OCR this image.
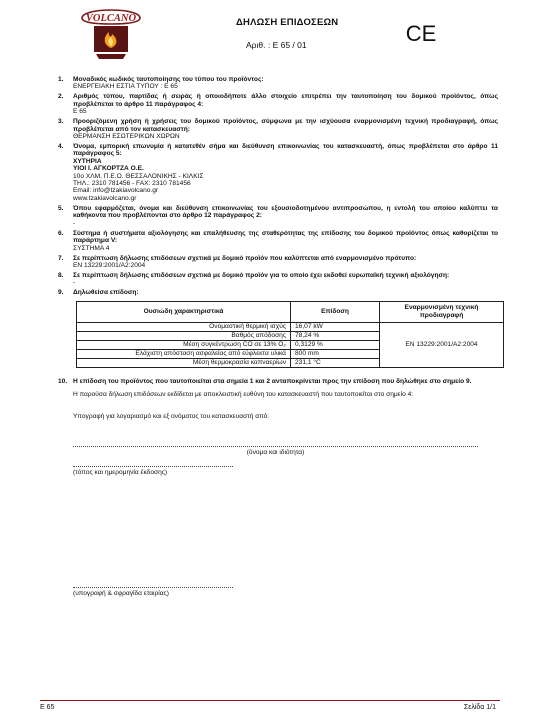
VOLCANO	ΔΗΛΩΣΗ ΕΠΙΔΟΣΕΩΝ
Αριθ. : Ε 65 / 01	CE
1. Μοναδικός κωδικός ταυτοποίησης του τύπου του προϊόντος:
ΕΝΕΡΓΕΙΑΚΗ ΕΣΤΙΑ ΤΥΠΟΥ : Ε 65
2. Αριθμός τύπου, παρτίδας ή σειράς ή οποιοδήποτε άλλο στοιχείο επιτρέπει την ταυτοποίηση του δομικού προϊόντος, όπως προβλέπεται το άρθρο 11 παράγραφος 4:
Ε 65
3. Προοριζόμενη χρήση ή χρήσεις του δομικού προϊόντος, σύμφωνα με την ισχύουσα εναρμονισμένη τεχνική προδιαγραφή, όπως προβλέπεται από τον κατασκευαστή:
ΘΕΡΜΑΝΣΗ ΕΣΩΤΕΡΙΚΩΝ ΧΩΡΩΝ
4. Όνομα, εμπορική επωνυμία ή κατατεθέν σήμα και διεύθυνση επικοινωνίας του κατασκευαστή, όπως προβλέπεται στο άρθρο 11 παράγραφος 5:
ΧΥΤΗΡΙΑ
ΥΙΟΙ Ι. ΑΓΚΟΡΤΖΑ Ο.Ε.
10ο ΧΛΜ. Π.Ε.Ο. ΘΕΣΣΑΛΟΝΙΚΗΣ - ΚΙΛΚΙΣ
ΤΗΛ.: 2310 781456 - FAX: 2310 781456
Email: info@tzakiavolcano.gr
www.tzakiavolcano.gr
5. Όπου εφαρμόζεται, όνομα και διεύθυνση επικοινωνίας του εξουσιοδοτημένου αντιπροσώπου, η εντολή του οποίου καλύπτει τα καθήκοντα που προβλέπονται στο άρθρο 12 παράγραφος 2:
-
6. Σύστημα ή συστήματα αξιολόγησης και επαλήθευσης της σταθερότητας της επίδοσης του δομικού προϊόντος όπως καθορίζεται το παράρτημα V:
ΣΥΣΤΗΜΑ 4
7. Σε περίπτωση δήλωσης επιδόσεων σχετικά με δομικό προϊόν που καλύπτεται από εναρμονισμένο πρότυπο:
EN 13229:2001/A2:2004
8. Σε περίπτωση δήλωσης επιδόσεων σχετικά με δομικό προϊόν για το οποίο έχει εκδοθεί ευρωπαϊκή τεχνική αξιολόγηση:
-
9. Δηλωθείσα επίδοση:
Ουσιώδη χαρακτηριστικά	Επίδοση	Εναρμονισμένη τεχνική προδιαγραφή
Ονομαστική θερμική ισχύς	16,07 kW	EN 13229:2001/A2:2004
Βαθμός απόδοσης	78,24 %	
Μέση συγκέντρωση CO σε 13% O₂	0,3129 %	
Ελάχιστη απόσταση ασφαλείας από εύφλεκτα υλικά	800 mm	
Μέση θερμοκρασία καπναερίων	231,1 °C	
10. Η επίδοση του προϊόντος που ταυτοποιείται στα σημεία 1 και 2 ανταποκρίνεται προς την επίδοση που δηλώθηκε στο σημείο 9.
Η παρούσα δήλωση επιδόσεων εκδίδεται με αποκλειστική ευθύνη του κατασκευαστή που ταυτοποιείται στο σημείο 4:
Υπογραφή για λογαριασμό και εξ ονόματος του κατασκευαστή από:
(όνομα και ιδιότητα)
(τόπος και ημερομηνία έκδοσης)
(υπογραφή & σφραγίδα εταιρίας)
Ε 65	Σελίδα 1/1
